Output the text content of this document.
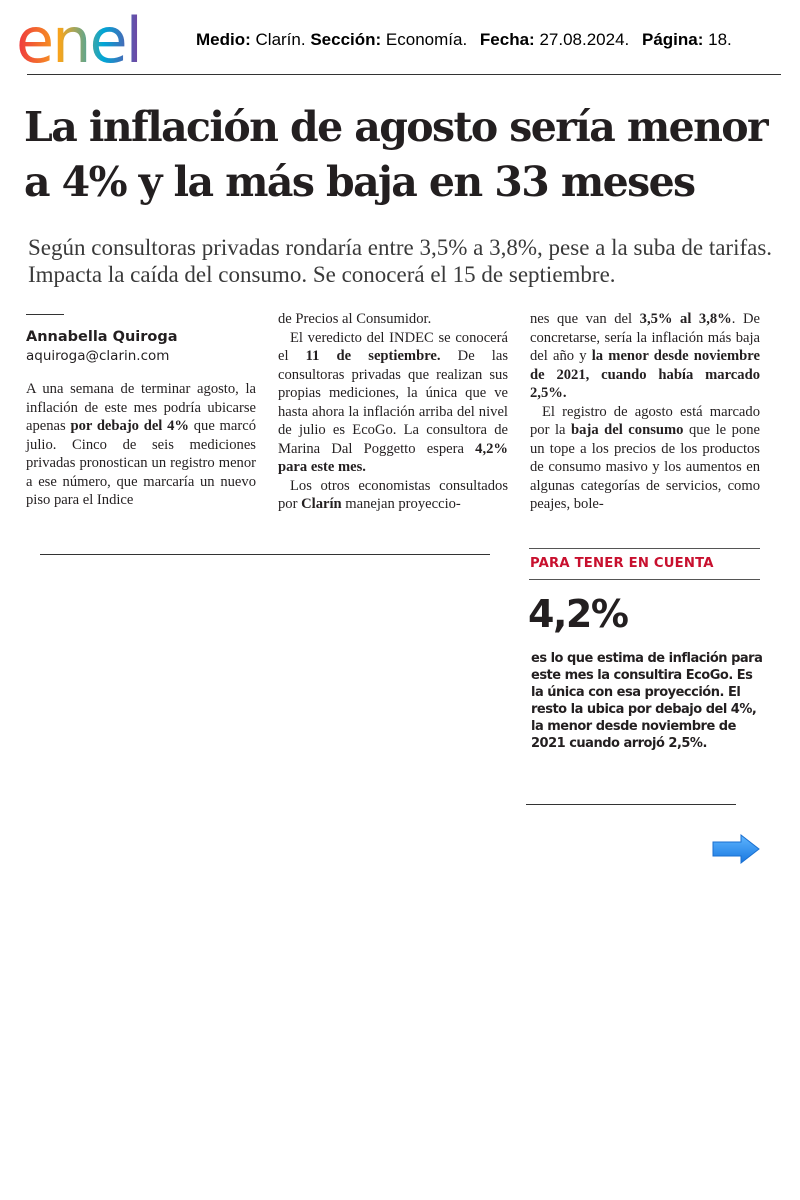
enel	Medio: Clarín. Sección: Economía. Fecha: 27.08.2024. Página: 18.
La inflación de agosto sería menor
a 4% y la más baja en 33 meses

Según consultoras privadas rondaría entre 3,5% a 3,8%, pese a la suba de tarifas. Impacta la caída del consumo. Se conocerá el 15 de septiembre.

Annabella Quiroga
aquiroga@clarin.com

A una semana de terminar agosto, la inflación de este mes podría ubicarse apenas por debajo del 4% que marcó julio. Cinco de seis mediciones privadas pronostican un registro menor a ese número, que marcaría un nuevo piso para el Indice

de Precios al Consumidor.

El veredicto del INDEC se conocerá el 11 de septiembre. De las consultoras privadas que realizan sus propias mediciones, la única que ve hasta ahora la inflación arriba del nivel de julio es EcoGo. La consultora de Marina Dal Poggetto espera 4,2% para este mes.

Los otros economistas consultados por Clarín manejan proyeccio-

nes que van del 3,5% al 3,8%. De concretarse, sería la inflación más baja del año y la menor desde noviembre de 2021, cuando había marcado 2,5%.

El registro de agosto está marcado por la baja del consumo que le pone un tope a los precios de los productos de consumo masivo y los aumentos en algunas categorías de servicios, como peajes, bole-

PARA TENER EN CUENTA
4,2%
es lo que estima de inflación para este mes la consultira EcoGo. Es la única con esa proyección. El resto la ubica por debajo del 4%, la menor desde noviembre de 2021 cuando arrojó 2,5%.
